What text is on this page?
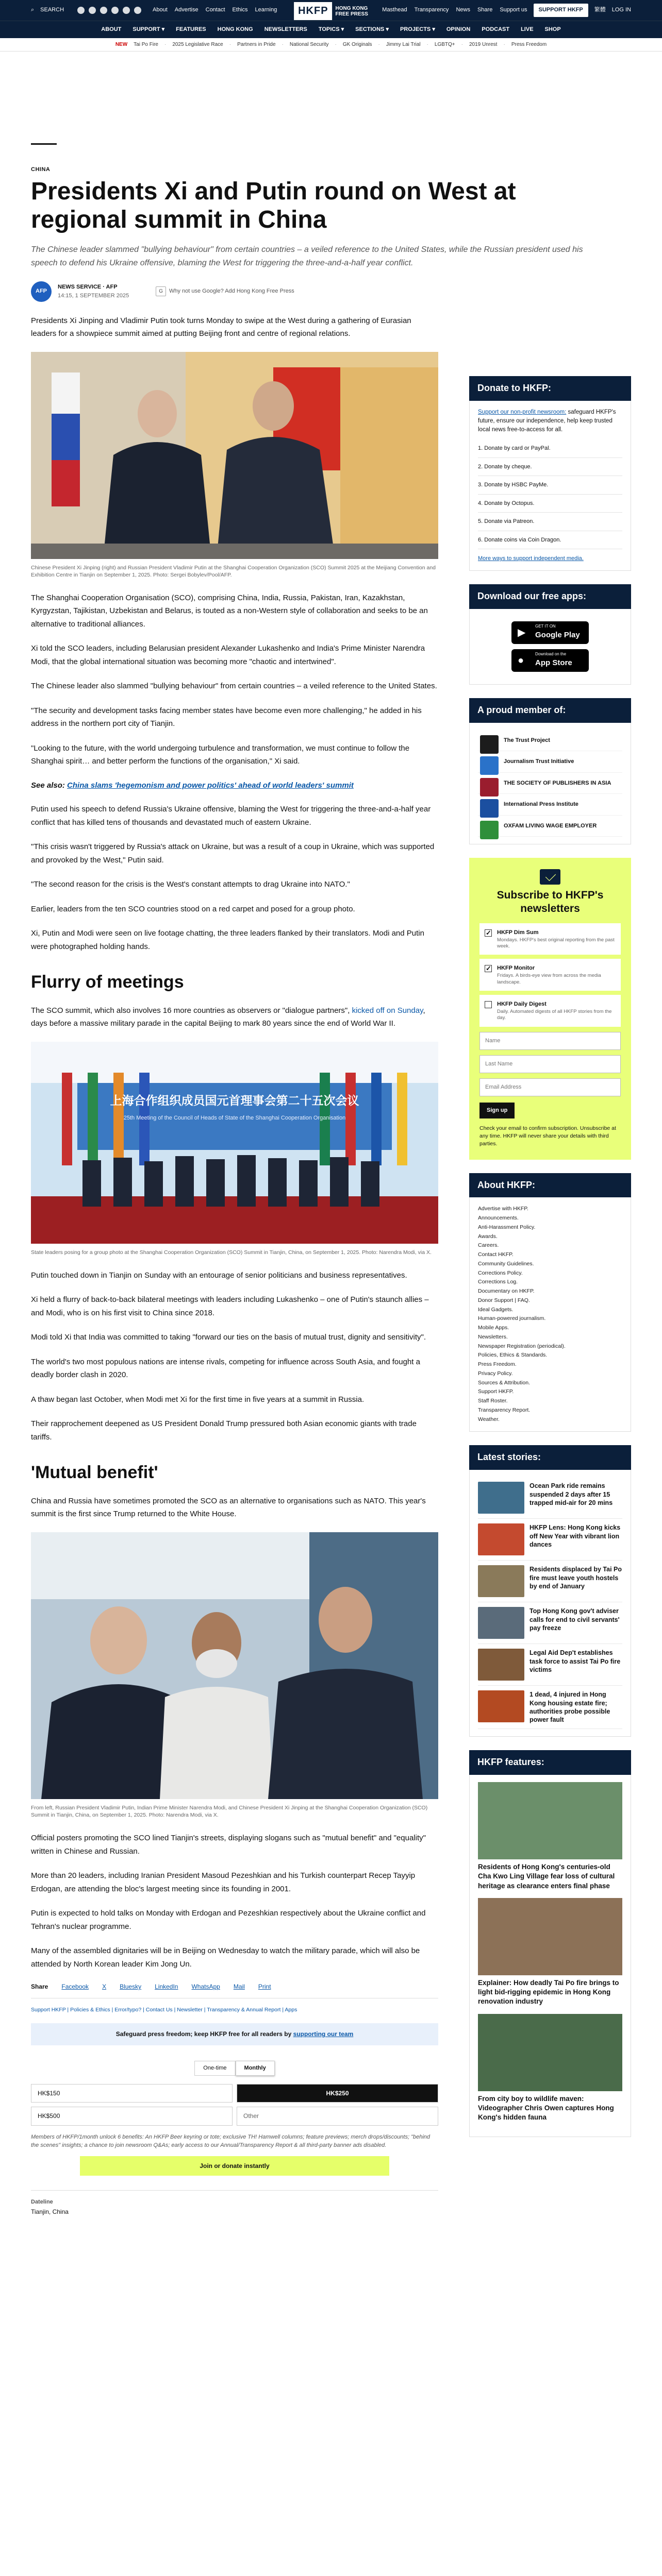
⌕ SEARCH	About Advertise Contact Ethics Learning	HKFP	HONG KONG
FREE PRESS
Masthead Transparency News Share Support us	SUPPORT HKFP	繁體 LOG IN
ABOUT SUPPORT ▾	FEATURES HONG KONG NEWSLETTERS TOPICS ▾	SECTIONS ▾	PROJECTS ▾	OPINION PODCAST LIVE SHOP
NEW Tai Po Fire · 2025 Legislative Race · Partners in Pride · National Security · GK Originals · Jimmy Lai Trial · LGBTQ+ · 2019 Unrest · Press Freedom
CHINA
Presidents Xi and Putin round on West at regional summit in China
The Chinese leader slammed "bullying behaviour" from certain countries – a veiled reference to the United States, while the Russian president used his speech to defend his Ukraine offensive, blaming the West for triggering the three-and-a-half year conflict.
AFP
NEWS SERVICE · AFP
14:15, 1 SEPTEMBER 2025
G	Why not use Google? Add Hong Kong Free Press

Presidents Xi Jinping and Vladimir Putin took turns Monday to swipe at the West during a gathering of Eurasian leaders for a showpiece summit aimed at putting Beijing front and centre of regional relations.

Chinese President Xi Jinping (right) and Russian President Vladimir Putin at the Shanghai Cooperation Organization (SCO) Summit 2025 at the Meijiang Convention and Exhibition Centre in Tianjin on September 1, 2025. Photo: Sergei Bobylev/Pool/AFP.

The Shanghai Cooperation Organisation (SCO), comprising China, India, Russia, Pakistan, Iran, Kazakhstan, Kyrgyzstan, Tajikistan, Uzbekistan and Belarus, is touted as a non-Western style of collaboration and seeks to be an alternative to traditional alliances.

Xi told the SCO leaders, including Belarusian president Alexander Lukashenko and India's Prime Minister Narendra Modi, that the global international situation was becoming more "chaotic and intertwined".

The Chinese leader also slammed "bullying behaviour" from certain countries – a veiled reference to the United States.

"The security and development tasks facing member states have become even more challenging," he added in his address in the northern port city of Tianjin.

"Looking to the future, with the world undergoing turbulence and transformation, we must continue to follow the Shanghai spirit… and better perform the functions of the organisation," Xi said.

See also: China slams 'hegemonism and power politics' ahead of world leaders' summit

Putin used his speech to defend Russia's Ukraine offensive, blaming the West for triggering the three-and-a-half year conflict that has killed tens of thousands and devastated much of eastern Ukraine.

"This crisis wasn't triggered by Russia's attack on Ukraine, but was a result of a coup in Ukraine, which was supported and provoked by the West," Putin said.

"The second reason for the crisis is the West's constant attempts to drag Ukraine into NATO."

Earlier, leaders from the ten SCO countries stood on a red carpet and posed for a group photo.

Xi, Putin and Modi were seen on live footage chatting, the three leaders flanked by their translators. Modi and Putin were photographed holding hands.

Flurry of meetings

The SCO summit, which also involves 16 more countries as observers or "dialogue partners", kicked off on Sunday, days before a massive military parade in the capital Beijing to mark 80 years since the end of World War II.

上海合作组织成员国元首理事会第二十五次会议
25th Meeting of the Council of Heads of State of the Shanghai Cooperation Organisation
State leaders posing for a group photo at the Shanghai Cooperation Organization (SCO) Summit in Tianjin, China, on September 1, 2025. Photo: Narendra Modi, via X.

Putin touched down in Tianjin on Sunday with an entourage of senior politicians and business representatives.

Xi held a flurry of back-to-back bilateral meetings with leaders including Lukashenko – one of Putin's staunch allies – and Modi, who is on his first visit to China since 2018.

Modi told Xi that India was committed to taking "forward our ties on the basis of mutual trust, dignity and sensitivity".

The world's two most populous nations are intense rivals, competing for influence across South Asia, and fought a deadly border clash in 2020.

A thaw began last October, when Modi met Xi for the first time in five years at a summit in Russia.

Their rapprochement deepened as US President Donald Trump pressured both Asian economic giants with trade tariffs.

'Mutual benefit'

China and Russia have sometimes promoted the SCO as an alternative to organisations such as NATO. This year's summit is the first since Trump returned to the White House.

From left, Russian President Vladimir Putin, Indian Prime Minister Narendra Modi, and Chinese President Xi Jinping at the Shanghai Cooperation Organization (SCO) Summit in Tianjin, China, on September 1, 2025. Photo: Narendra Modi, via X.

Official posters promoting the SCO lined Tianjin's streets, displaying slogans such as "mutual benefit" and "equality" written in Chinese and Russian.

More than 20 leaders, including Iranian President Masoud Pezeshkian and his Turkish counterpart Recep Tayyip Erdogan, are attending the bloc's largest meeting since its founding in 2001.

Putin is expected to hold talks on Monday with Erdogan and Pezeshkian respectively about the Ukraine conflict and Tehran's nuclear programme.

Many of the assembled dignitaries will be in Beijing on Wednesday to watch the military parade, which will also be attended by North Korean leader Kim Jong Un.

Share Facebook X Bluesky LinkedIn WhatsApp Mail Print
Support HKFP | Policies & Ethics | Error/typo? | Contact Us | Newsletter | Transparency & Annual Report | Apps
Safeguard press freedom; keep HKFP free for all readers by supporting our team
One-time	Monthly
HK$150	HK$250
HK$500	Other
Members of HKFP/1month unlock 6 benefits: An HKFP Beer keyring or tote; exclusive TH! Hamwell columns; feature previews; merch drops/discounts; "behind the scenes" insights; a chance to join newsroom Q&As; early access to our Annual/Transparency Report & all third-party banner ads disabled.
Join or donate instantly
Dateline
Tianjin, China
Donate to HKFP:
Support our non-profit newsroom: safeguard HKFP's future, ensure our independence, help keep trusted local news free-to-access for all.
1. Donate by card or PayPal.
2. Donate by cheque.
3. Donate by HSBC PayMe.
4. Donate by Octopus.
5. Donate via Patreon.
6. Donate coins via Coin Dragon.
More ways to support independent media.
Download our free apps:
▶
GET IT ON
Google Play
●
Download on the
App Store
A proud member of:
The Trust Project
Journalism Trust Initiative
THE SOCIETY OF PUBLISHERS IN ASIA
International Press Institute
OXFAM LIVING WAGE EMPLOYER
Subscribe to HKFP's newsletters
✓
HKFP Dim Sum
Mondays. HKFP's best original reporting from the past week.
✓
HKFP Monitor
Fridays. A birds-eye view from across the media landscape.
HKFP Daily Digest
Daily. Automated digests of all HKFP stories from the day.
Name
Last Name
Email Address
Sign up
Check your email to confirm subscription. Unsubscribe at any time. HKFP will never share your details with third parties.
About HKFP:
Advertise with HKFP.
Announcements.
Anti-Harassment Policy.
Awards.
Careers.
Contact HKFP.
Community Guidelines.
Corrections Policy.
Corrections Log.
Documentary on HKFP.
Donor Support | FAQ.
Ideal Gadgets.
Human-powered journalism.
Mobile Apps.
Newsletters.
Newspaper Registration (periodical).
Policies, Ethics & Standards.
Press Freedom.
Privacy Policy.
Sources & Attribution.
Support HKFP.
Staff Roster.
Transparency Report.
Weather.
Latest stories:
Ocean Park ride remains suspended 2 days after 15 trapped mid-air for 20 mins
HKFP Lens: Hong Kong kicks off New Year with vibrant lion dances
Residents displaced by Tai Po fire must leave youth hostels by end of January
Top Hong Kong gov't adviser calls for end to civil servants' pay freeze
Legal Aid Dep't establishes task force to assist Tai Po fire victims
1 dead, 4 injured in Hong Kong housing estate fire; authorities probe possible power fault
HKFP features:
Residents of Hong Kong's centuries-old Cha Kwo Ling Village fear loss of cultural heritage as clearance enters final phase
Explainer: How deadly Tai Po fire brings to light bid-rigging epidemic in Hong Kong renovation industry
From city boy to wildlife maven: Videographer Chris Owen captures Hong Kong's hidden fauna
